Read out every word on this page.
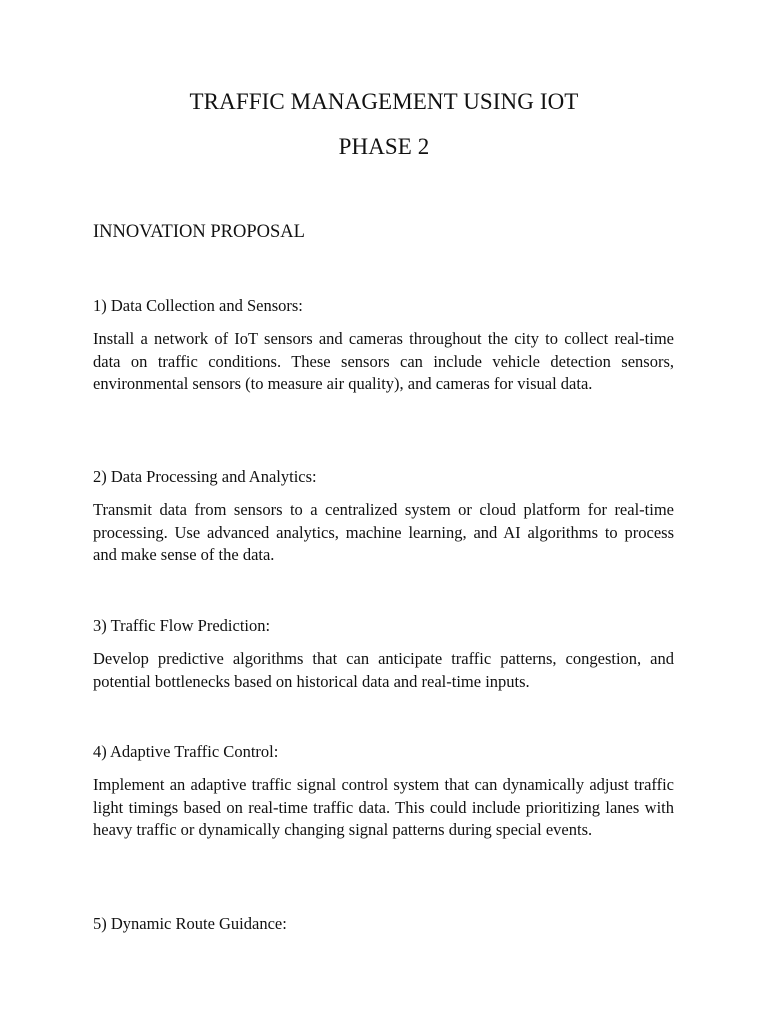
TRAFFIC MANAGEMENT USING IOT
PHASE 2
INNOVATION PROPOSAL

1) Data Collection and Sensors:

Install a network of IoT sensors and cameras throughout the city to collect real-time data on traffic conditions. These sensors can include vehicle detection sensors, environmental sensors (to measure air quality), and cameras for visual data.

2) Data Processing and Analytics:

Transmit data from sensors to a centralized system or cloud platform for real-time processing. Use advanced analytics, machine learning, and AI algorithms to process and make sense of the data.

3) Traffic Flow Prediction:

Develop predictive algorithms that can anticipate traffic patterns, congestion, and potential bottlenecks based on historical data and real-time inputs.

4) Adaptive Traffic Control:

Implement an adaptive traffic signal control system that can dynamically adjust traffic light timings based on real-time traffic data. This could include prioritizing lanes with heavy traffic or dynamically changing signal patterns during special events.

5) Dynamic Route Guidance:
